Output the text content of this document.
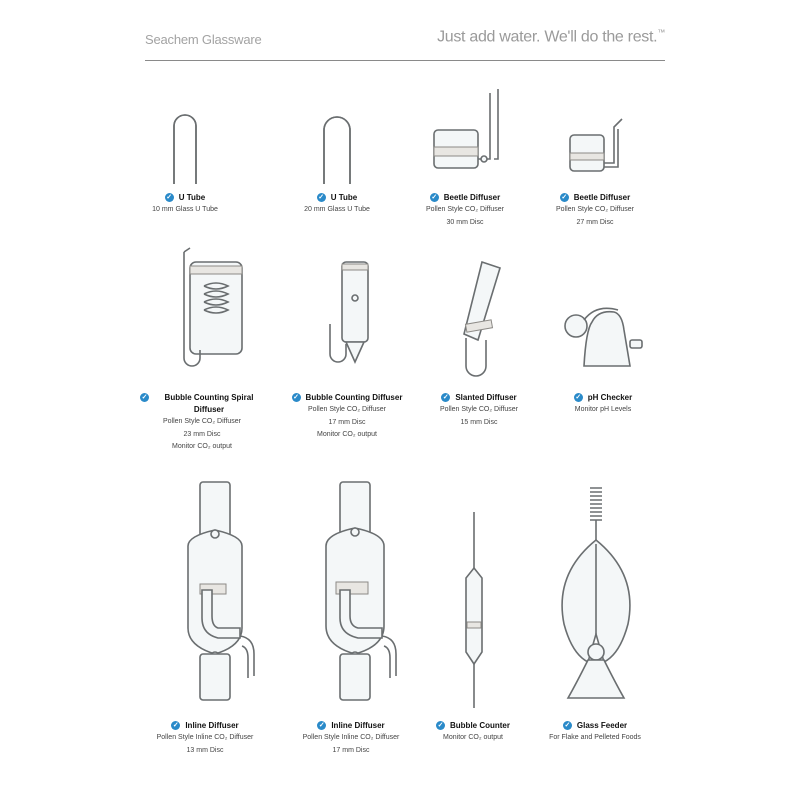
Seachem Glassware	Just add water. We'll do the rest.™
✓ U Tube
10 mm Glass U Tube
✓ U Tube
20 mm Glass U Tube
✓ Beetle Diffuser
Pollen Style CO₂ Diffuser
30 mm Disc
✓ Beetle Diffuser
Pollen Style CO₂ Diffuser
27 mm Disc
✓	Bubble Counting Spiral Diffuser
Pollen Style CO₂ Diffuser
23 mm Disc
Monitor CO₂ output
✓ Bubble Counting Diffuser
Pollen Style CO₂ Diffuser
17 mm Disc
Monitor CO₂ output
✓ Slanted Diffuser
Pollen Style CO₂ Diffuser
15 mm Disc
✓ pH Checker
Monitor pH Levels
✓ Inline Diffuser
Pollen Style Inline CO₂ Diffuser
13 mm Disc
✓ Inline Diffuser
Pollen Style Inline CO₂ Diffuser
17 mm Disc
✓ Bubble Counter
Monitor CO₂ output
✓ Glass Feeder
For Flake and Pelleted Foods
